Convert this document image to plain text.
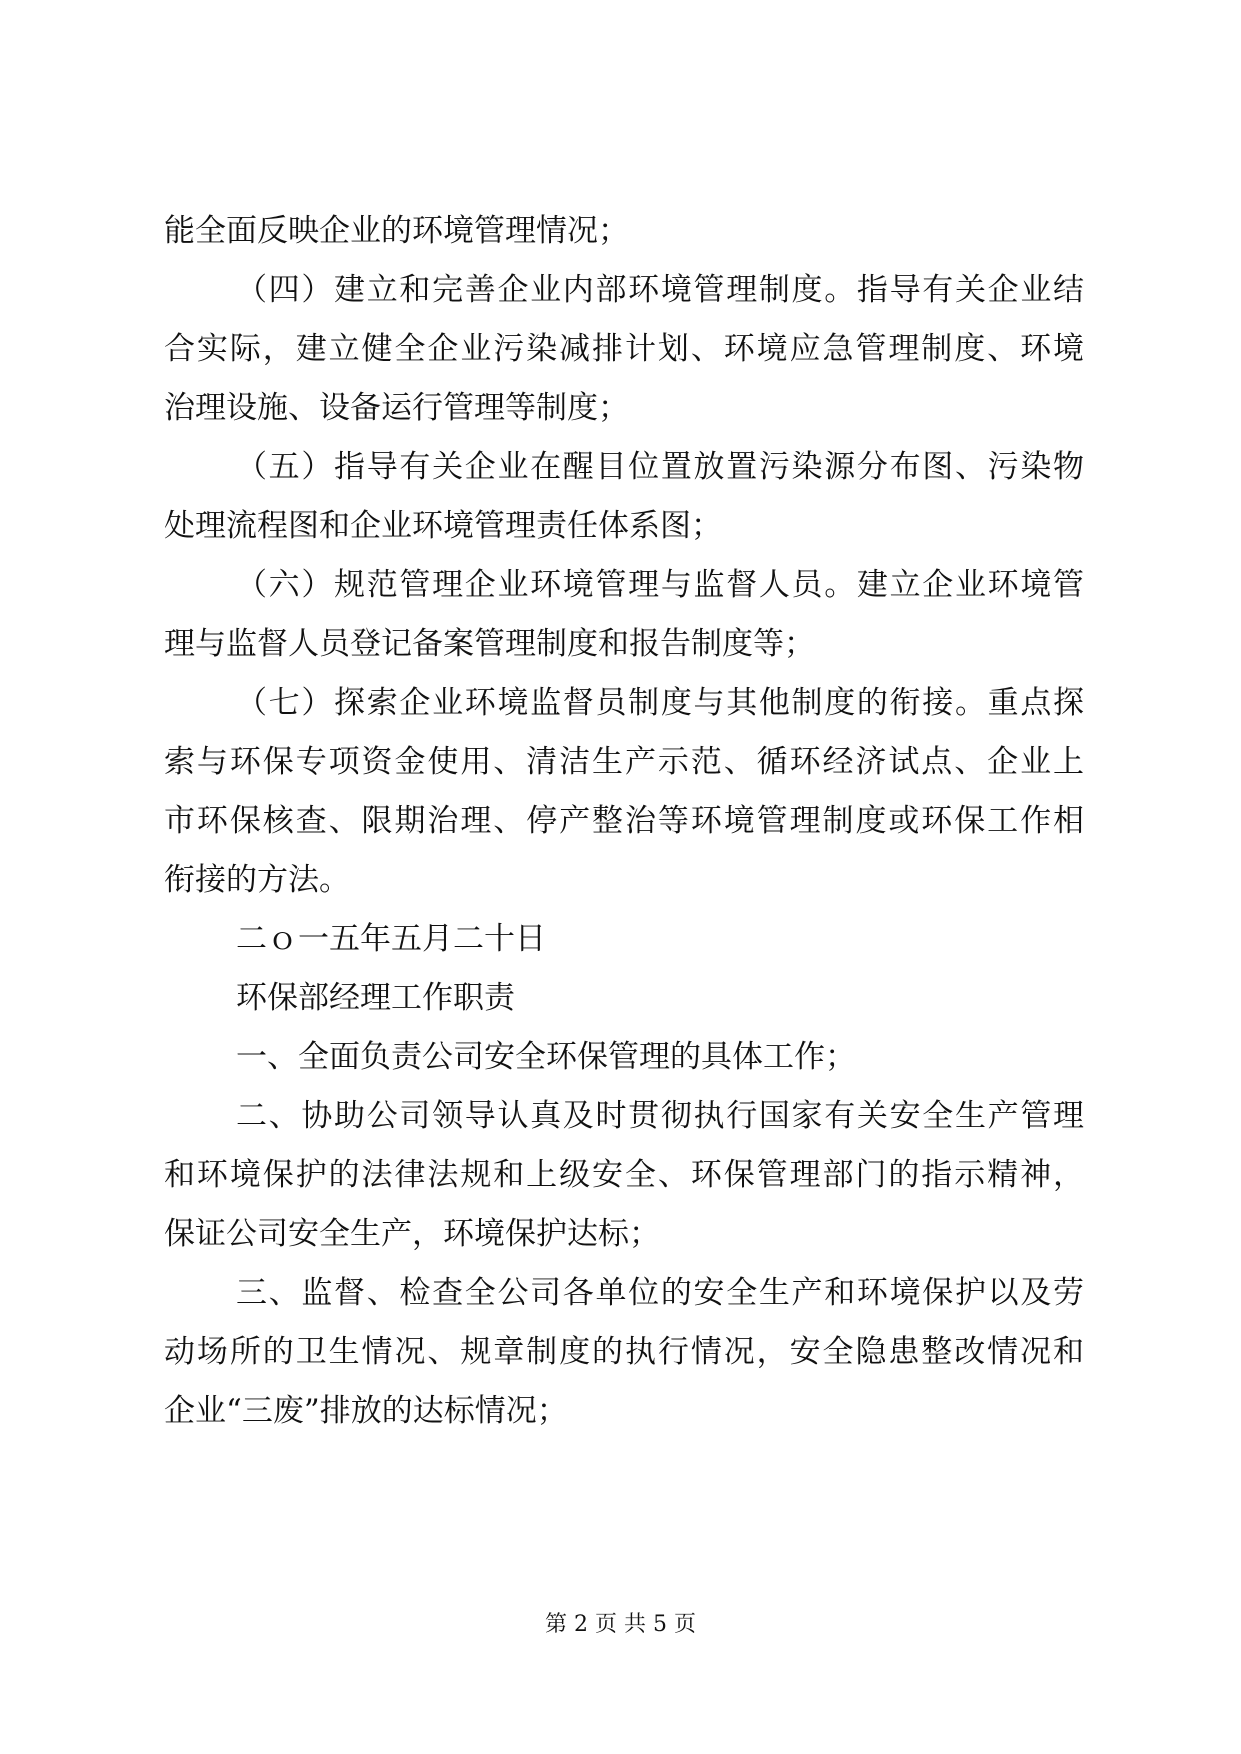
能全面反映企业的环境管理情况；
（四）建立和完善企业内部环境管理制度。指导有关企业结
合实际，建立健全企业污染减排计划、环境应急管理制度、环境
治理设施、设备运行管理等制度；
（五）指导有关企业在醒目位置放置污染源分布图、污染物
处理流程图和企业环境管理责任体系图；
（六）规范管理企业环境管理与监督人员。建立企业环境管
理与监督人员登记备案管理制度和报告制度等；
（七）探索企业环境监督员制度与其他制度的衔接。重点探
索与环保专项资金使用、清洁生产示范、循环经济试点、企业上
市环保核查、限期治理、停产整治等环境管理制度或环保工作相
衔接的方法。
二ｏ一五年五月二十日
环保部经理工作职责
一、全面负责公司安全环保管理的具体工作；
二、协助公司领导认真及时贯彻执行国家有关安全生产管理
和环境保护的法律法规和上级安全、环保管理部门的指示精神，
保证公司安全生产，环境保护达标；
三、监督、检查全公司各单位的安全生产和环境保护以及劳
动场所的卫生情况、规章制度的执行情况，安全隐患整改情况和
企业“三废”排放的达标情况；
第 2 页 共 5 页
